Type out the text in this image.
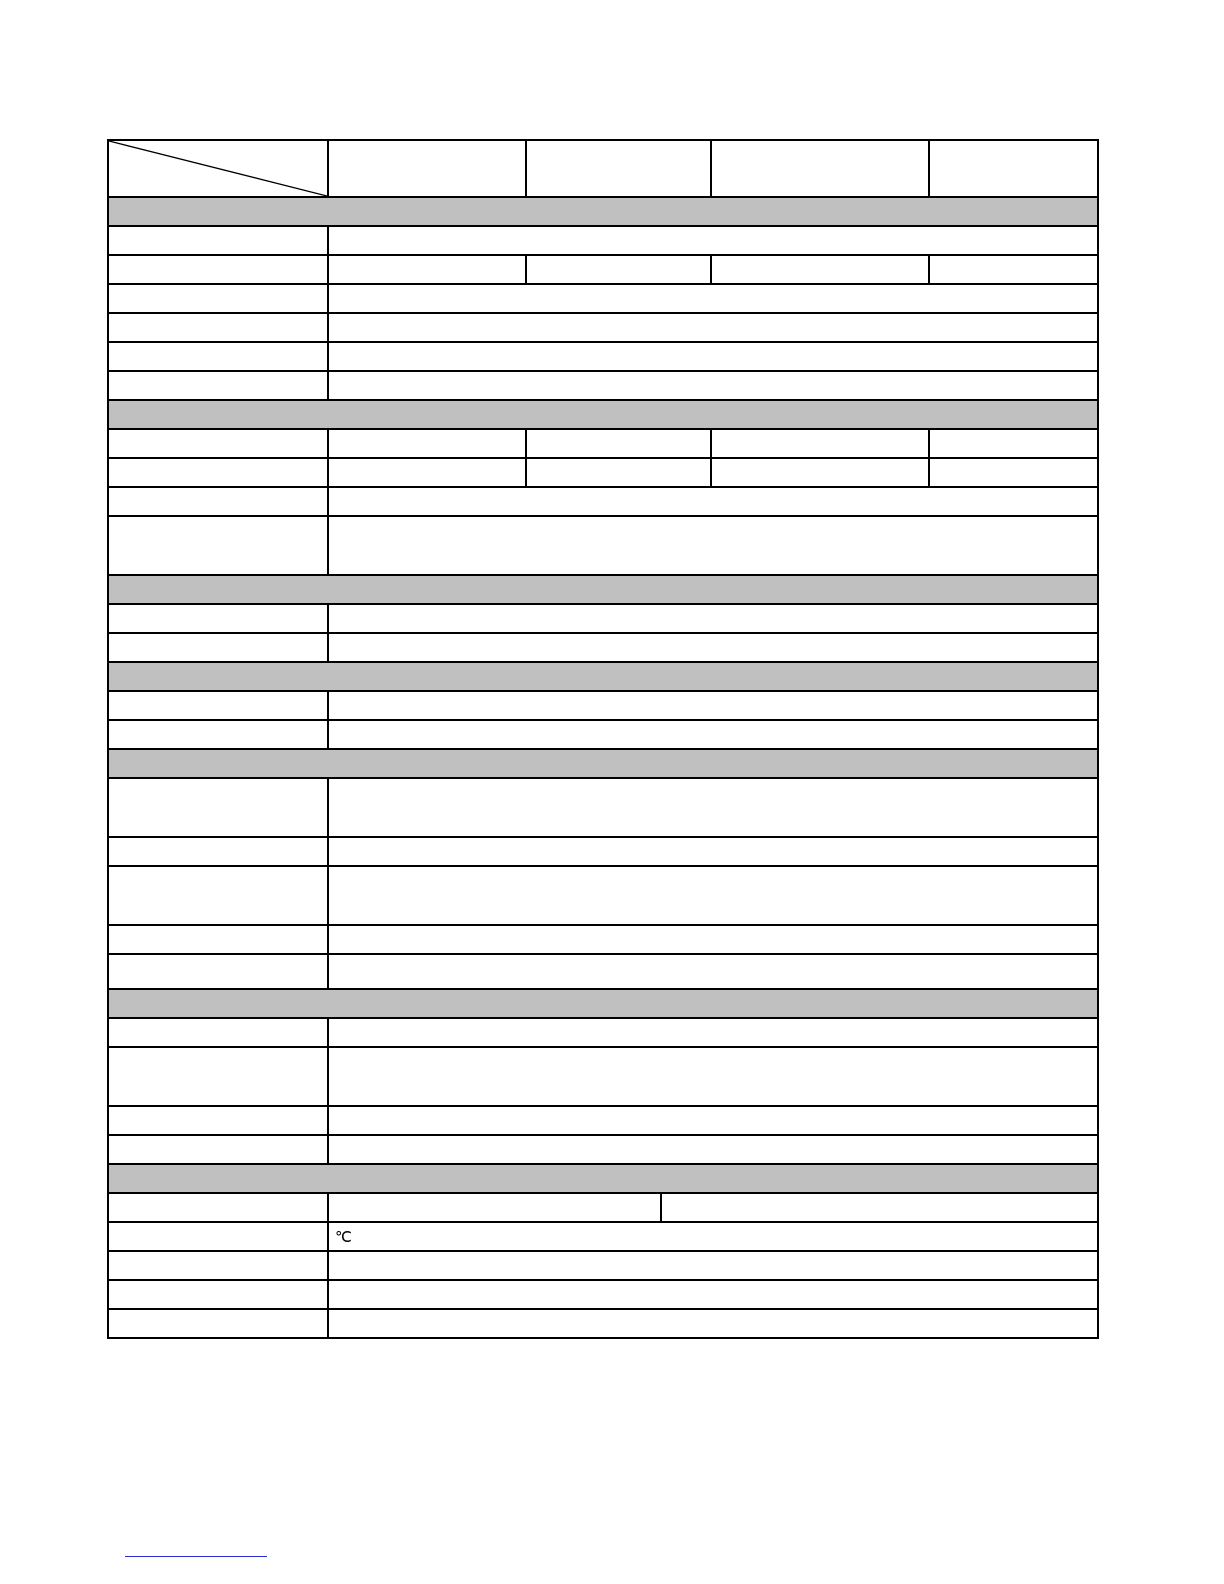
	℃			
